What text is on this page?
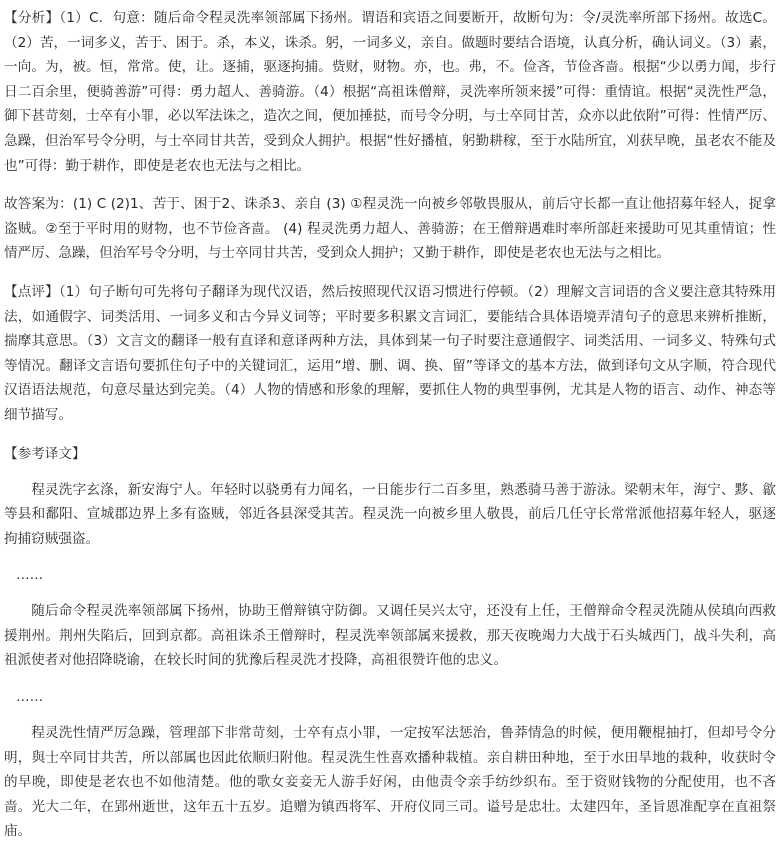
【分析】（1）C．句意：随后命令程灵洗率领部属下扬州。谓语和宾语之间要断开，故断句为：令/灵洗率所部下扬州。故选C。（2）苦，一词多义，苦于、困于。杀，本义，诛杀。躬，一词多义，亲自。做题时要结合语境，认真分析，确认词义。（3）素，一向。为，被。恒，常常。使，让。逐捕，驱逐拘捕。赀财，财物。亦，也。弗，不。俭吝，节俭吝啬。根据“少以勇力闻，步行日二百余里，便骑善游”可得：勇力超人、善骑游。（4）根据“高祖诛僧辩，灵洗率所领来援”可得：重情谊。根据“灵洗性严急，御下甚苛刻，士卒有小罪，必以军法诛之，造次之间，便加捶挞，而号令分明，与士卒同甘苦，众亦以此依附”可得：性情严厉、急躁，但治军号令分明，与士卒同甘共苦，受到众人拥护。根据“性好播植，躬勤耕稼，至于水陆所宜，刈获早晚，虽老农不能及也”可得：勤于耕作，即使是老农也无法与之相比。

故答案为：(1) C (2)1、苦于、困于2、诛杀3、亲自 (3) ①程灵洗一向被乡邻敬畏服从，前后守长都一直让他招募年轻人，捉拿盗贼。②至于平时用的财物，也不节俭吝啬。 (4) 程灵洗勇力超人、善骑游；在王僧辩遇难时率所部赶来援助可见其重情谊；性情严厉、急躁，但治军号令分明，与士卒同甘共苦，受到众人拥护；又勤于耕作，即使是老农也无法与之相比。

【点评】（1）句子断句可先将句子翻译为现代汉语，然后按照现代汉语习惯进行停顿。（2）理解文言词语的含义要注意其特殊用法，如通假字、词类活用、一词多义和古今异义词等；平时要多积累文言词汇，要能结合具体语境弄清句子的意思来辨析推断，揣摩其意思。（3）文言文的翻译一般有直译和意译两种方法，具体到某一句子时要注意通假字、词类活用、一词多义、特殊句式等情况。翻译文言语句要抓住句子中的关键词汇，运用“增、删、调、换、留”等译文的基本方法，做到译句文从字顺，符合现代汉语语法规范，句意尽量达到完美。（4）人物的情感和形象的理解，要抓住人物的典型事例，尤其是人物的语言、动作、神态等细节描写。

【参考译文】

程灵洗字玄涤，新安海宁人。年轻时以骁勇有力闻名，一日能步行二百多里，熟悉骑马善于游泳。梁朝末年，海宁、黟、歙等县和鄱阳、宣城郡边界上多有盗贼，邻近各县深受其苦。程灵洗一向被乡里人敬畏，前后几任守长常常派他招募年轻人，驱逐拘捕窃贼强盗。

……

随后命令程灵洗率领部属下扬州，协助王僧辩镇守防御。又调任吴兴太守，还没有上任，王僧辩命令程灵洗随从侯瑱向西救援荆州。荆州失陷后，回到京都。高祖诛杀王僧辩时，程灵洗率领部属来援救，那天夜晚竭力大战于石头城西门，战斗失利，高祖派使者对他招降晓谕，在较长时间的犹豫后程灵洗才投降，高祖很赞许他的忠义。

……

程灵洗性情严厉急躁，管理部下非常苛刻，士卒有点小罪，一定按军法惩治，鲁莽情急的时候，便用鞭棍抽打，但却号令分明，與士卒同甘共苦，所以部属也因此依顺归附他。程灵洗生性喜欢播种栽植。亲自耕田种地，至于水田旱地的栽种，收获时令的早晚，即使是老农也不如他清楚。他的歌女妾妾无人游手好闲，由他责令亲手纺纱织布。至于资财钱物的分配使用，也不吝啬。光大二年，在郢州逝世，这年五十五岁。追赠为镇西将军、开府仪同三司。谥号是忠壮。太建四年，圣旨恩准配享在直祖祭庙。
